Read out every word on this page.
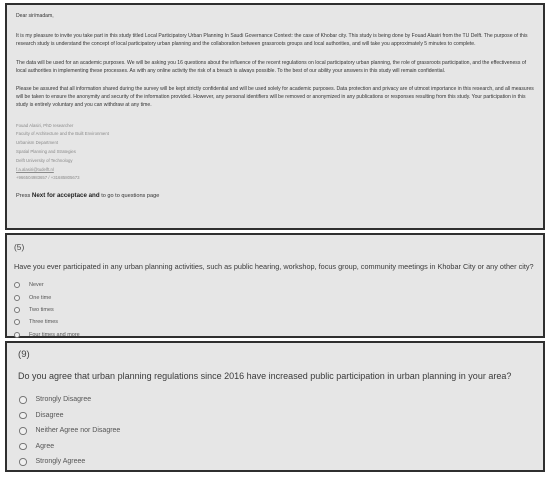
Dear sir/madam,

It is my pleasure to invite you take part in this study titled Local Participatory Urban Planning In Saudi Governance Context: the case of Khobar city. This study is being done by Fouad Alasiri from the TU Delft. The purpose of this research study is understand the concept of local participatory urban planning and the collaboration between grassroots groups and local authorities, and will take you approximately 5 minutes to complete.

The data will be used for an academic purposes. We will be asking you 16 questions about the influence of the recent regulations on local participatory urban planning, the role of grassroots participation, and the effectiveness of local authorities in implementing these processes. As with any online activity the risk of a breach is always possible. To the best of our ability your answers in this study will remain confidential.

Please be assured that all information shared during the survey will be kept strictly confidential and will be used solely for academic purposes. Data protection and privacy are of utmost importance in this research, and all measures will be taken to ensure the anonymity and security of the information provided. However, any personal identifiers will be removed or anonymized in any publications or responses resulting from this study. Your participation in this study is entirely voluntary and you can withdraw at any time.

Fouad Alasiri, PhD researcher
Faculty of Architecture and the Built Environment
Urbanism Department
Spatial Planning and Strategies
Delft University of Technology
f.a.alasiri@tudelft.nl
+966504983657 / +31685805673
Press Next for acceptace and to go to questions page
(5)
Have you ever participated in any urban planning activities, such as public hearing, workshop, focus group, community meetings in Khobar City or any other city?
Never
One time
Two times
Three times
Four times and more
(9)
Do you agree that urban planning regulations since 2016 have increased public participation in urban planning in your area?
Strongly Disagree
Disagree
Neither Agree nor Disagree
Agree
Strongly Agreee
